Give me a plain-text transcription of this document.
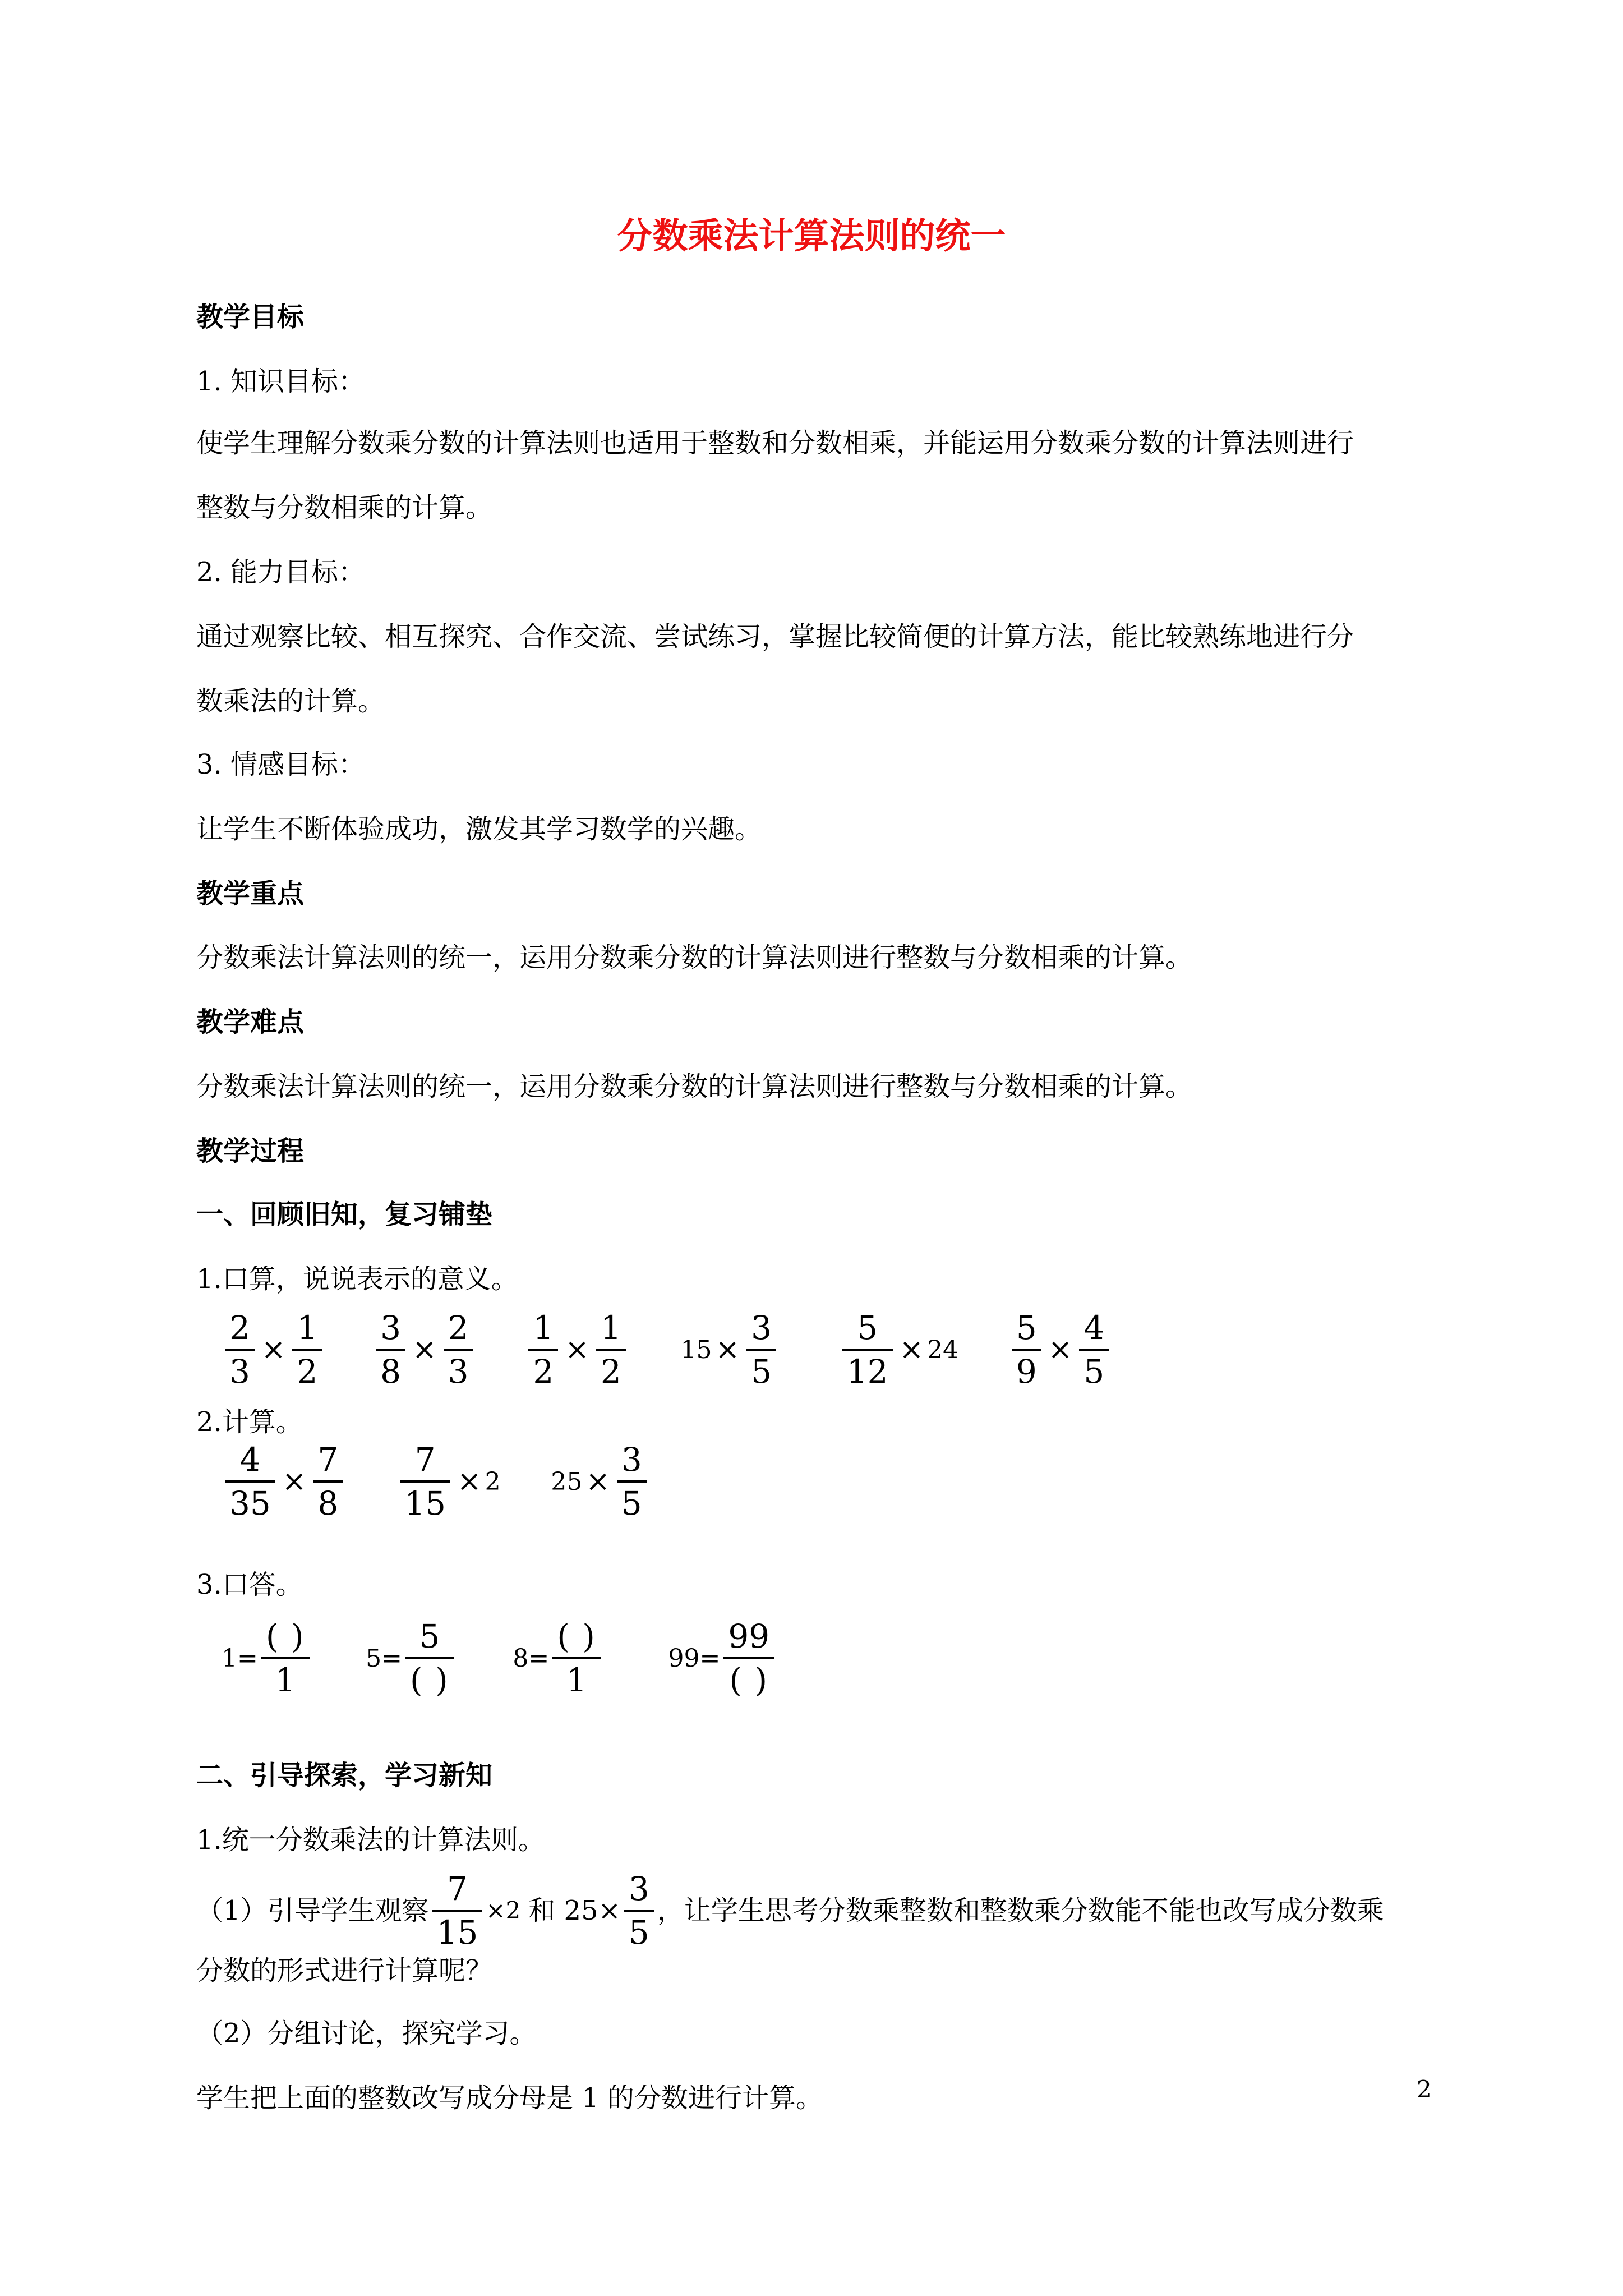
分数乘法计算法则的统一
教学目标
1. 知识目标：
使学生理解分数乘分数的计算法则也适用于整数和分数相乘，并能运用分数乘分数的计算法则进行
整数与分数相乘的计算。
2. 能力目标：
通过观察比较、相互探究、合作交流、尝试练习，掌握比较简便的计算方法，能比较熟练地进行分
数乘法的计算。
3. 情感目标：
让学生不断体验成功，激发其学习数学的兴趣。
教学重点
分数乘法计算法则的统一，运用分数乘分数的计算法则进行整数与分数相乘的计算。
教学难点
分数乘法计算法则的统一，运用分数乘分数的计算法则进行整数与分数相乘的计算。
教学过程
一、回顾旧知，复习铺垫
1.口算，说说表示的意义。
$\frac{2}{3} \times \frac{1}{2}$
$\frac{3}{8} \times \frac{2}{3}$
$\frac{1}{2} \times \frac{1}{2} 15 \times \frac{3}{5}$
$\frac{5}{12} \times 24 \frac{5}{9} \times \frac{4}{5}$
2.计算。
$\frac{4}{35} \times \frac{7}{8}$
$\frac{7}{15} \times 2$ $25 \times \frac{3}{5}$
3.口答。
$1= \frac{( )}{1} 5= \frac{5}{( )} 8= \frac{( )}{1}$	$99= \frac{99}{( )}$
二、引导探索，学习新知
1.统一分数乘法的计算法则。
（1）引导学生观察 $\frac{7}{15} \times 2$ 和 $25\times \frac{3}{5}$ ，让学生思考分数乘整数和整数乘分数能不能也改写成分数乘
分数的形式进行计算呢？
（2）分组讨论，探究学习。
学生把上面的整数改写成分母是 1 的分数进行计算。	2
